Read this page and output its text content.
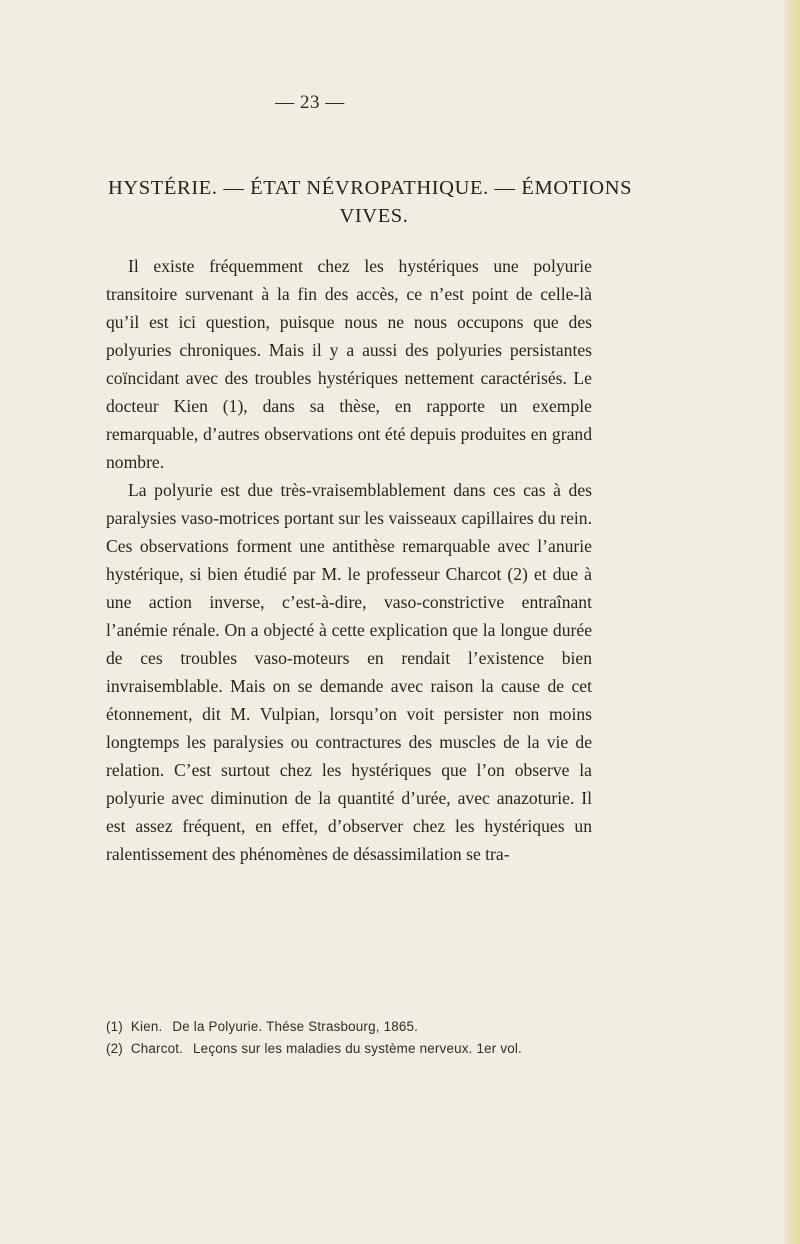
— 23 —
HYSTÉRIE. — ÉTAT NÉVROPATHIQUE. — ÉMOTIONS
VIVES.

Il existe fréquemment chez les hystériques une polyurie transitoire survenant à la fin des accès, ce n’est point de celle-là qu’il est ici question, puisque nous ne nous occupons que des polyuries chroniques. Mais il y a aussi des polyuries persistantes coïncidant avec des troubles hystériques nettement caractérisés. Le docteur Kien (1), dans sa thèse, en rapporte un exemple remarquable, d’autres observations ont été depuis produites en grand nombre.

La polyurie est due très-vraisemblablement dans ces cas à des paralysies vaso-motrices portant sur les vaisseaux capillaires du rein. Ces observations forment une antithèse remarquable avec l’anurie hystérique, si bien étudié par M. le professeur Charcot (2) et due à une action inverse, c’est-à-dire, vaso-constrictive entraînant l’anémie rénale. On a objecté à cette explication que la longue durée de ces troubles vaso-moteurs en rendait l’existence bien invraisemblable. Mais on se demande avec raison la cause de cet étonnement, dit M. Vulpian, lorsqu’on voit persister non moins longtemps les paralysies ou contractures des muscles de la vie de relation. C’est surtout chez les hystériques que l’on observe la polyurie avec diminution de la quantité d’urée, avec anazoturie. Il est assez fréquent, en effet, d’observer chez les hystériques un ralentissement des phénomènes de désassimilation se tra-

(1) Kien. De la Polyurie. Thése Strasbourg, 1865.

(2) Charcot. Leçons sur les maladies du système nerveux. 1er vol.
